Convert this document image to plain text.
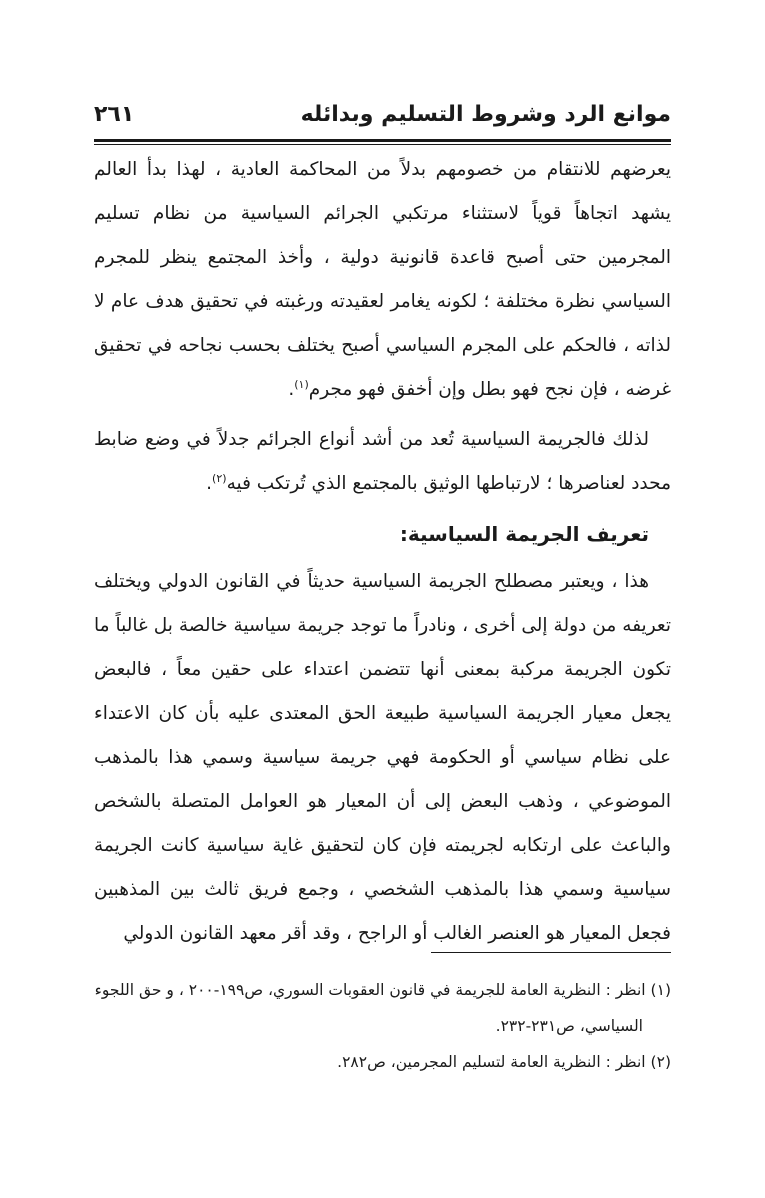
موانع الرد وشروط التسليم وبدائله
٢٦١

يعرضهم للانتقام من خصومهم بدلاً من المحاكمة العادية ، لهذا بدأ العالم يشهد اتجاهاً قوياً لاستثناء مرتكبي الجرائم السياسية من نظام تسليم المجرمين حتى أصبح قاعدة قانونية دولية ، وأخذ المجتمع ينظر للمجرم السياسي نظرة مختلفة ؛ لكونه يغامر لعقيدته ورغبته في تحقيق هدف عام لا لذاته ، فالحكم على المجرم السياسي أصبح يختلف بحسب نجاحه في تحقيق غرضه ، فإن نجح فهو بطل وإن أخفق فهو مجرم$^{(١)}$.

لذلك فالجريمة السياسية تُعد من أشد أنواع الجرائم جدلاً في وضع ضابط محدد لعناصرها ؛ لارتباطها الوثيق بالمجتمع الذي تُرتكب فيه$^{(٢)}$.

تعريف الجريمة السياسية:

هذا ، ويعتبر مصطلح الجريمة السياسية حديثاً في القانون الدولي ويختلف تعريفه من دولة إلى أخرى ، ونادراً ما توجد جريمة سياسية خالصة بل غالباً ما تكون الجريمة مركبة بمعنى أنها تتضمن اعتداء على حقين معاً ، فالبعض يجعل معيار الجريمة السياسية طبيعة الحق المعتدى عليه بأن كان الاعتداء على نظام سياسي أو الحكومة فهي جريمة سياسية وسمي هذا بالمذهب الموضوعي ، وذهب البعض إلى أن المعيار هو العوامل المتصلة بالشخص والباعث على ارتكابه لجريمته فإن كان لتحقيق غاية سياسية كانت الجريمة سياسية وسمي هذا بالمذهب الشخصي ، وجمع فريق ثالث بين المذهبين فجعل المعيار هو العنصر الغالب أو الراجح ، وقد أقر معهد القانون الدولي

(١) انظر : النظرية العامة للجريمة في قانون العقوبات السوري، ص١٩٩-٢٠٠ ، و حق اللجوء
السياسي، ص٢٣١-٢٣٢.

(٢) انظر : النظرية العامة لتسليم المجرمين، ص٢٨٢.
